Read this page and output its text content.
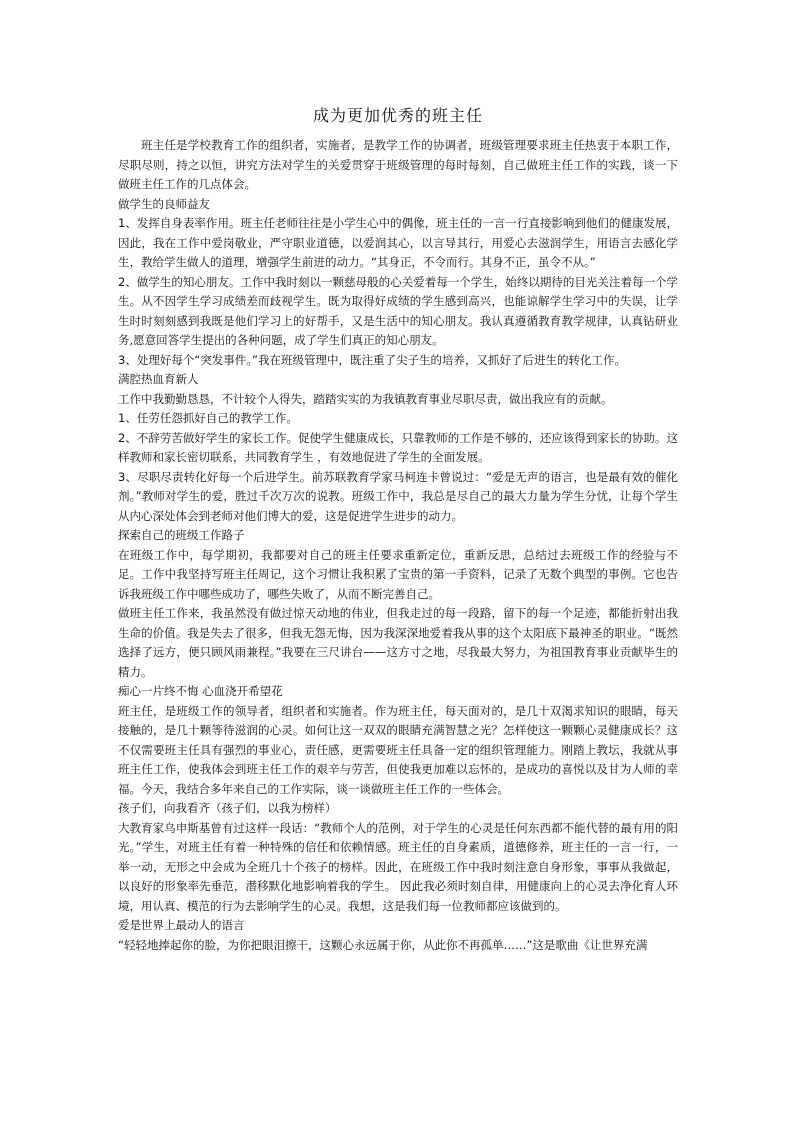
成为更加优秀的班主任

班主任是学校教育工作的组织者，实施者，是教学工作的协调者，班级管理要求班主任热衷于本职工作，尽职尽则，持之以恒，讲究方法对学生的关爱贯穿于班级管理的每时每刻，自己做班主任工作的实践，谈一下做班主任工作的几点体会。

做学生的良师益友

1、发挥自身表率作用。班主任老师往往是小学生心中的偶像，班主任的一言一行直接影响到他们的健康发展，因此，我在工作中爱岗敬业，严守职业道德，以爱润其心，以言导其行，用爱心去滋润学生，用语言去感化学生，教给学生做人的道理，增强学生前进的动力。“其身正，不令而行。其身不正，虽令不从。”

2、做学生的知心朋友。工作中我时刻以一颗慈母般的心关爱着每一个学生，始终以期待的目光关注着每一个学生。从不因学生学习成绩差而歧视学生。既为取得好成绩的学生感到高兴，也能谅解学生学习中的失误，让学生时时刻刻感到我既是他们学习上的好帮手，又是生活中的知心朋友。我认真遵循教育教学规律，认真钻研业务,愿意回答学生提出的各种问题，成了学生们真正的知心朋友。

3、处理好每个“突发事件。”我在班级管理中，既注重了尖子生的培养，又抓好了后进生的转化工作。

满腔热血育新人

工作中我勤勤恳恳，不计较个人得失，踏踏实实的为我镇教育事业尽职尽责，做出我应有的贡献。

1、任劳任怨抓好自己的教学工作。

2、不辞劳苦做好学生的家长工作。促使学生健康成长，只靠教师的工作是不够的，还应该得到家长的协助。这样教师和家长密切联系，共同教育学生 ，有效地促进了学生的全面发展。

3、尽职尽责转化好每一个后进学生。前苏联教育学家马柯连卡曾说过：“爱是无声的语言，也是最有效的催化剂。”教师对学生的爱，胜过千次万次的说教。班级工作中，我总是尽自己的最大力量为学生分忧，让每个学生从内心深处体会到老师对他们博大的爱，这是促进学生进步的动力。

探索自己的班级工作路子

在班级工作中，每学期初，我都要对自己的班主任要求重新定位，重新反思，总结过去班级工作的经验与不足。工作中我坚持写班主任周记，这个习惯让我积累了宝贵的第一手资料，记录了无数个典型的事例。它也告诉我班级工作中哪些成功了，哪些失败了，从而不断完善自己。

做班主任工作来，我虽然没有做过惊天动地的伟业，但我走过的每一段路，留下的每一个足迹，都能折射出我生命的价值。我是失去了很多，但我无怨无悔，因为我深深地爱着我从事的这个太阳底下最神圣的职业。“既然选择了远方，便只顾风雨兼程。”我要在三尺讲台——这方寸之地，尽我最大努力，为祖国教育事业贡献毕生的精力。

痴心一片终不悔 心血浇开希望花

班主任，是班级工作的领导者，组织者和实施者。作为班主任，每天面对的，是几十双渴求知识的眼睛，每天接触的，是几十颗等待滋润的心灵。如何让这一双双的眼睛充满智慧之光？怎样使这一颗颗心灵健康成长？这不仅需要班主任具有强烈的事业心，责任感，更需要班主任具备一定的组织管理能力。刚踏上教坛，我就从事班主任工作，使我体会到班主任工作的艰辛与劳苦，但使我更加难以忘怀的，是成功的喜悦以及甘为人师的幸福。今天，我结合多年来自己的工作实际，谈一谈做班主任工作的一些体会。

孩子们，向我看齐（孩子们，以我为榜样）

大教育家乌申斯基曾有过这样一段话：“教师个人的范例，对于学生的心灵是任何东西都不能代替的最有用的阳光。”学生，对班主任有着一种特殊的信任和依赖情感。班主任的自身素质，道德修养，班主任的一言一行，一举一动，无形之中会成为全班几十个孩子的榜样。因此，在班级工作中我时刻注意自身形象，事事从我做起，以良好的形象率先垂范，潜移默化地影响着我的学生。 因此我必须时刻自律，用健康向上的心灵去净化育人环境，用认真、模范的行为去影响学生的心灵。我想，这是我们每一位教师都应该做到的。

爱是世界上最动人的语言

“轻轻地捧起你的脸，为你把眼泪擦干，这颗心永远属于你，从此你不再孤单……”这是歌曲《让世界充满
